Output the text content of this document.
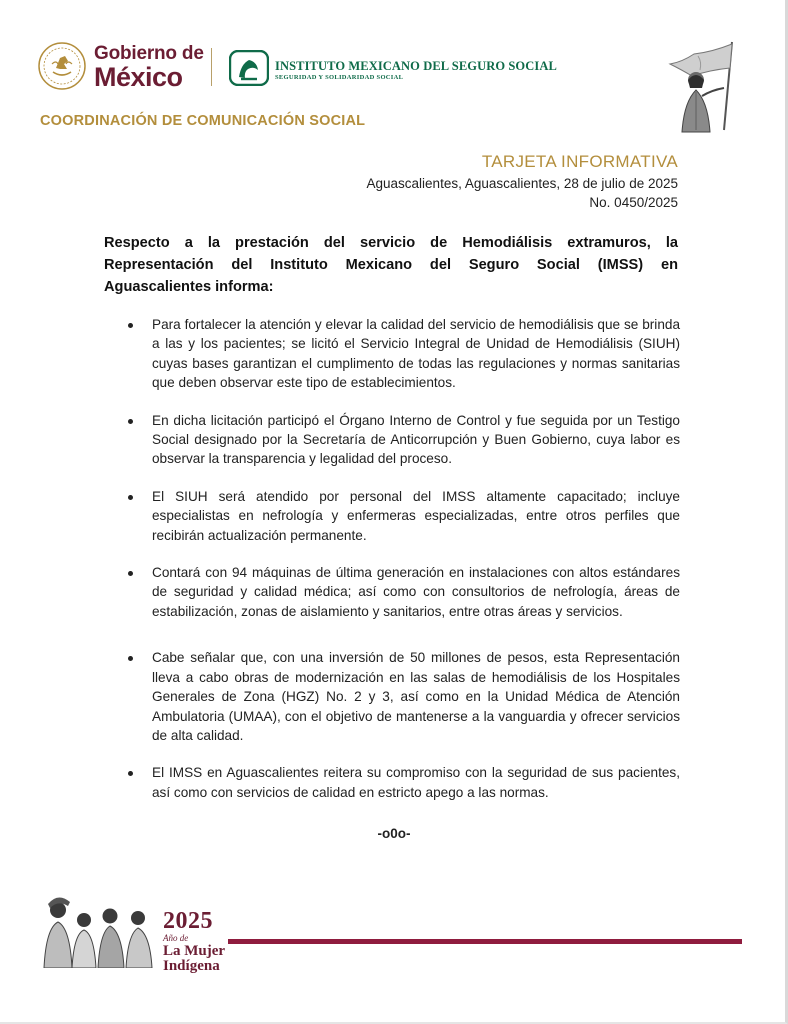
Gobierno de
México	INSTITUTO MEXICANO DEL SEGURO SOCIAL
SEGURIDAD Y SOLIDARIDAD SOCIAL
COORDINACIÓN DE COMUNICACIÓN SOCIAL
TARJETA INFORMATIVA
Aguascalientes, Aguascalientes, 28 de julio de 2025
No. 0450/2025
Respecto a la prestación del servicio de Hemodiálisis extramuros, la Representación del Instituto Mexicano del Seguro Social (IMSS) en Aguascalientes informa:
Para fortalecer la atención y elevar la calidad del servicio de hemodiálisis que se brinda a las y los pacientes; se licitó el Servicio Integral de Unidad de Hemodiálisis (SIUH) cuyas bases garantizan el cumplimento de todas las regulaciones y normas sanitarias que deben observar este tipo de establecimientos.
En dicha licitación participó el Órgano Interno de Control y fue seguida por un Testigo Social designado por la Secretaría de Anticorrupción y Buen Gobierno, cuya labor es observar la transparencia y legalidad del proceso.
El SIUH será atendido por personal del IMSS altamente capacitado; incluye especialistas en nefrología y enfermeras especializadas, entre otros perfiles que recibirán actualización permanente.
Contará con 94 máquinas de última generación en instalaciones con altos estándares de seguridad y calidad médica; así como con consultorios de nefrología, áreas de estabilización, zonas de aislamiento y sanitarios, entre otras áreas y servicios.
Cabe señalar que, con una inversión de 50 millones de pesos, esta Representación lleva a cabo obras de modernización en las salas de hemodiálisis de los Hospitales Generales de Zona (HGZ) No. 2 y 3, así como en la Unidad Médica de Atención Ambulatoria (UMAA), con el objetivo de mantenerse a la vanguardia y ofrecer servicios de alta calidad.
El IMSS en Aguascalientes reitera su compromiso con la seguridad de sus pacientes, así como con servicios de calidad en estricto apego a las normas.
-o0o-
2025
Año de
La Mujer
Indígena
